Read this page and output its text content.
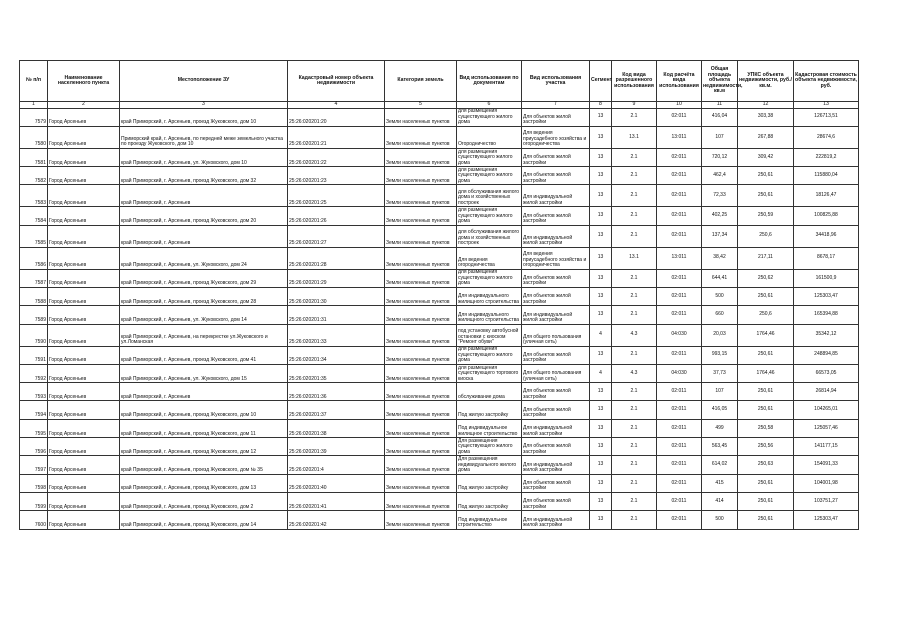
№ п/п	Наименование населенного пункта	Местоположение ЗУ	Кадастровый номер объекта недвижимости	Категория земель	Вид использования по документам	Вид использования участка	Сегмент	Код вида разрешенного использования	Код расчёта вида использования	Общая площадь объекта недвижимости, кв.м	УПКС объекта недвижимости, руб./кв.м.	Кадастровая стоимость объекта недвижимости, руб.
1	2	3	4	5	6	7	8	9	10	11	12	13
7579	Город Арсеньев	край Приморский, г. Арсеньев, проезд Жуковского, дом 10	25:26:020201:20	Земли населенных пунктов	для размещения существующего жилого дома	Для объектов жилой застройки	13	2.1	02:011	416,04	303,38	126713,51
7580	Город Арсеньев	Приморский край, г. Арсеньев, по передней меже земельного участка по проезду Жуковского, дом 10	25:26:020201:21	Земли населенных пунктов	Огородничество	Для ведения приусадебного хозяйства и огородничества	13	13.1	13:011	107	267,88	28674,6
7581	Город Арсеньев	край Приморский, г. Арсеньев, ул. Жуковского, дом 10	25:26:020201:22	Земли населенных пунктов	для размещения существующего жилого дома	Для объектов жилой застройки	13	2.1	02:011	720,12	309,42	222819,2
7582	Город Арсеньев	край Приморский, г. Арсеньев, проезд Жуковского, дом 32	25:26:020201:23	Земли населенных пунктов	для размещения существующего жилого дома	Для объектов жилой застройки	13	2.1	02:011	462,4	250,61	115880,04
7583	Город Арсеньев	край Приморский, г. Арсеньев	25:26:020201:25	Земли населенных пунктов	для обслуживания жилого дома и хозяйственных построек	Для индивидуальной жилой застройки	13	2.1	02:011	72,33	250,61	18126,47
7584	Город Арсеньев	край Приморский, г. Арсеньев, проезд Жуковского, дом 20	25:26:020201:26	Земли населенных пунктов	для размещения существующего жилого дома	Для объектов жилой застройки	13	2.1	02:011	402,25	250,59	100825,88
7585	Город Арсеньев	край Приморский, г. Арсеньев	25:26:020201:27	Земли населенных пунктов	для обслуживания жилого дома и хозяйственных построек	Для индивидуальной жилой застройки	13	2.1	02:011	137,34	250,6	34418,96
7586	Город Арсеньев	край Приморский, г. Арсеньев, ул. Жуковского, дом 24	25:26:020201:28	Земли населенных пунктов	Для ведения огородничества	Для ведения приусадебного хозяйства и огородничества	13	13.1	13:011	38,42	217,11	8678,17
7587	Город Арсеньев	край Приморский, г. Арсеньев, проезд Жуковского, дом 29	25:26:020201:29	Земли населенных пунктов	для размещения существующего жилого дома	Для объектов жилой застройки	13	2.1	02:011	644,41	250,62	161500,9
7588	Город Арсеньев	край Приморский, г. Арсеньев, проезд Жуковского, дом 28	25:26:020201:30	Земли населенных пунктов	Для индивидуального жилищного строительства	Для объектов жилой застройки	13	2.1	02:011	500	250,61	125303,47
7589	Город Арсеньев	край Приморский, г. Арсеньев, ул. Жуковского, дом 14	25:26:020201:31	Земли населенных пунктов	Для индивидуального жилищного строительства	Для индивидуальной жилой застройки	13	2.1	02:011	660	250,6	165394,88
7590	Город Арсеньев	край Приморский, г. Арсеньев, на перекрестке ул.Жуковского и ул.Ломанская	25:26:020201:33	Земли населенных пунктов	под установку автобусной остановки с киоском "Ремонт обуви"	Для общего пользования (уличная сеть)	4	4.3	04:030	20,03	1764,46	35342,12
7591	Город Арсеньев	край Приморский, г. Арсеньев, проезд Жуковского, дом 41	25:26:020201:34	Земли населенных пунктов	для размещения существующего жилого дома	Для объектов жилой застройки	13	2.1	02:011	993,15	250,61	248894,85
7592	Город Арсеньев	край Приморский, г. Арсеньев, ул. Жуковского, дом 15	25:26:020201:35	Земли населенных пунктов	для размещения существующего торгового киоска	Для общего пользования (уличная сеть)	4	4.3	04:030	37,73	1764,46	66573,05
7593	Город Арсеньев	край Приморский, г. Арсеньев	25:26:020201:36	Земли населенных пунктов	обслуживание дома	Для объектов жилой застройки	13	2.1	02:011	107	250,61	26814,94
7594	Город Арсеньев	край Приморский, г. Арсеньев, проезд Жуковского, дом 10	25:26:020201:37	Земли населенных пунктов	Под жилую застройку	Для объектов жилой застройки	13	2.1	02:011	416,05	250,61	104265,01
7595	Город Арсеньев	край Приморский, г. Арсеньев, проезд Жуковского, дом 11	25:26:020201:38	Земли населенных пунктов	Под индивидуальное жилищное строительство	Для индивидуальной жилой застройки	13	2.1	02:011	499	250,58	125057,46
7596	Город Арсеньев	край Приморский, г. Арсеньев, проезд Жуковского, дом 12	25:26:020201:39	Земли населенных пунктов	Для размещения существующего жилого дома	Для объектов жилой застройки	13	2.1	02:011	563,45	250,56	141177,15
7597	Город Арсеньев	край Приморский, г. Арсеньев, проезд Жуковского, дом № 35	25:26:020201:4	Земли населенных пунктов	Для размещения индивидуального жилого дома	Для индивидуальной жилой застройки	13	2.1	02:011	614,02	250,63	154091,33
7598	Город Арсеньев	край Приморский, г. Арсеньев, проезд Жуковского, дом 13	25:26:020201:40	Земли населенных пунктов	Под жилую застройку	Для объектов жилой застройки	13	2.1	02:011	415	250,61	104001,98
7599	Город Арсеньев	край Приморский, г. Арсеньев, проезд Жуковского, дом 2	25:26:020201:41	Земли населенных пунктов	Под жилую застройку	Для объектов жилой застройки	13	2.1	02:011	414	250,61	103751,27
7600	Город Арсеньев	край Приморский, г. Арсеньев, проезд Жуковского, дом 14	25:26:020201:42	Земли населенных пунктов	Под индивидуальное строительство	Для индивидуальной жилой застройки	13	2.1	02:011	500	250,61	125303,47
